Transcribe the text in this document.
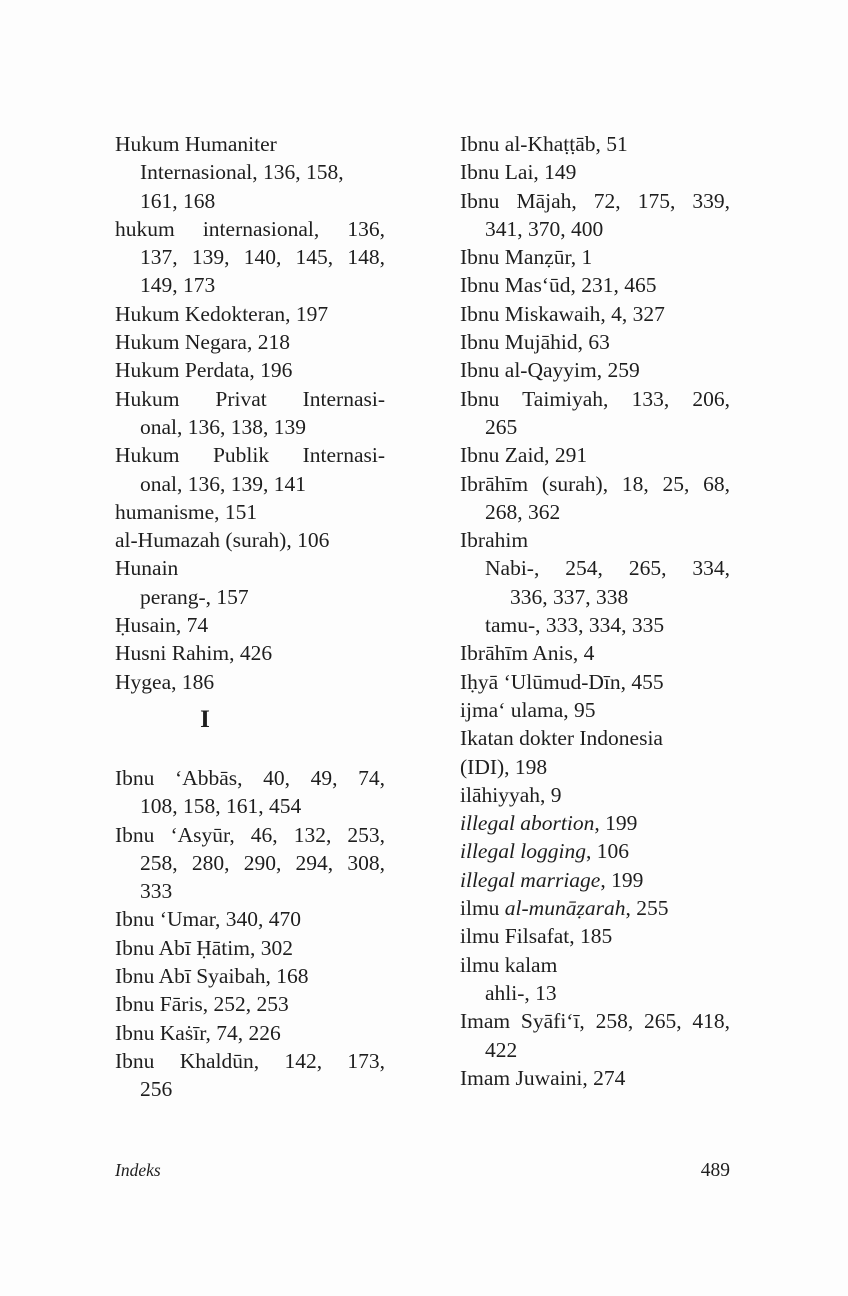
Hukum Humaniter
Internasional, 136, 158,
161, 168
hukum internasional, 136,
137, 139, 140, 145, 148,
149, 173
Hukum Kedokteran, 197
Hukum Negara, 218
Hukum Perdata, 196
Hukum Privat Internasi-
onal, 136, 138, 139
Hukum Publik Internasi-
onal, 136, 139, 141
humanisme, 151
al-Humazah (surah), 106
Hunain
perang-, 157
Ḥusain, 74
Husni Rahim, 426
Hygea, 186
I
Ibnu ‘Abbās, 40, 49, 74,
108, 158, 161, 454
Ibnu ‘Asyūr, 46, 132, 253,
258, 280, 290, 294, 308,
333
Ibnu ‘Umar, 340, 470
Ibnu Abī Ḥātim, 302
Ibnu Abī Syaibah, 168
Ibnu Fāris, 252, 253
Ibnu Kaṡīr, 74, 226
Ibnu Khaldūn, 142, 173,
256
Ibnu al-Khaṭṭāb, 51
Ibnu Lai, 149
Ibnu Mājah, 72, 175, 339,
341, 370, 400
Ibnu Manẓūr, 1
Ibnu Mas‘ūd, 231, 465
Ibnu Miskawaih, 4, 327
Ibnu Mujāhid, 63
Ibnu al-Qayyim, 259
Ibnu Taimiyah, 133, 206,
265
Ibnu Zaid, 291
Ibrāhīm (surah), 18, 25, 68,
268, 362
Ibrahim
Nabi-, 254, 265, 334,
336, 337, 338
tamu-, 333, 334, 335
Ibrāhīm Anis, 4
Iḥyā ‘Ulūmud-Dīn, 455
ijma‘ ulama, 95
Ikatan dokter Indonesia
(IDI), 198
ilāhiyyah, 9
illegal abortion, 199
illegal logging, 106
illegal marriage, 199
ilmu al-munāẓarah, 255
ilmu Filsafat, 185
ilmu kalam
ahli-, 13
Imam Syāfi‘ī, 258, 265, 418,
422
Imam Juwaini, 274
Indeks	489
